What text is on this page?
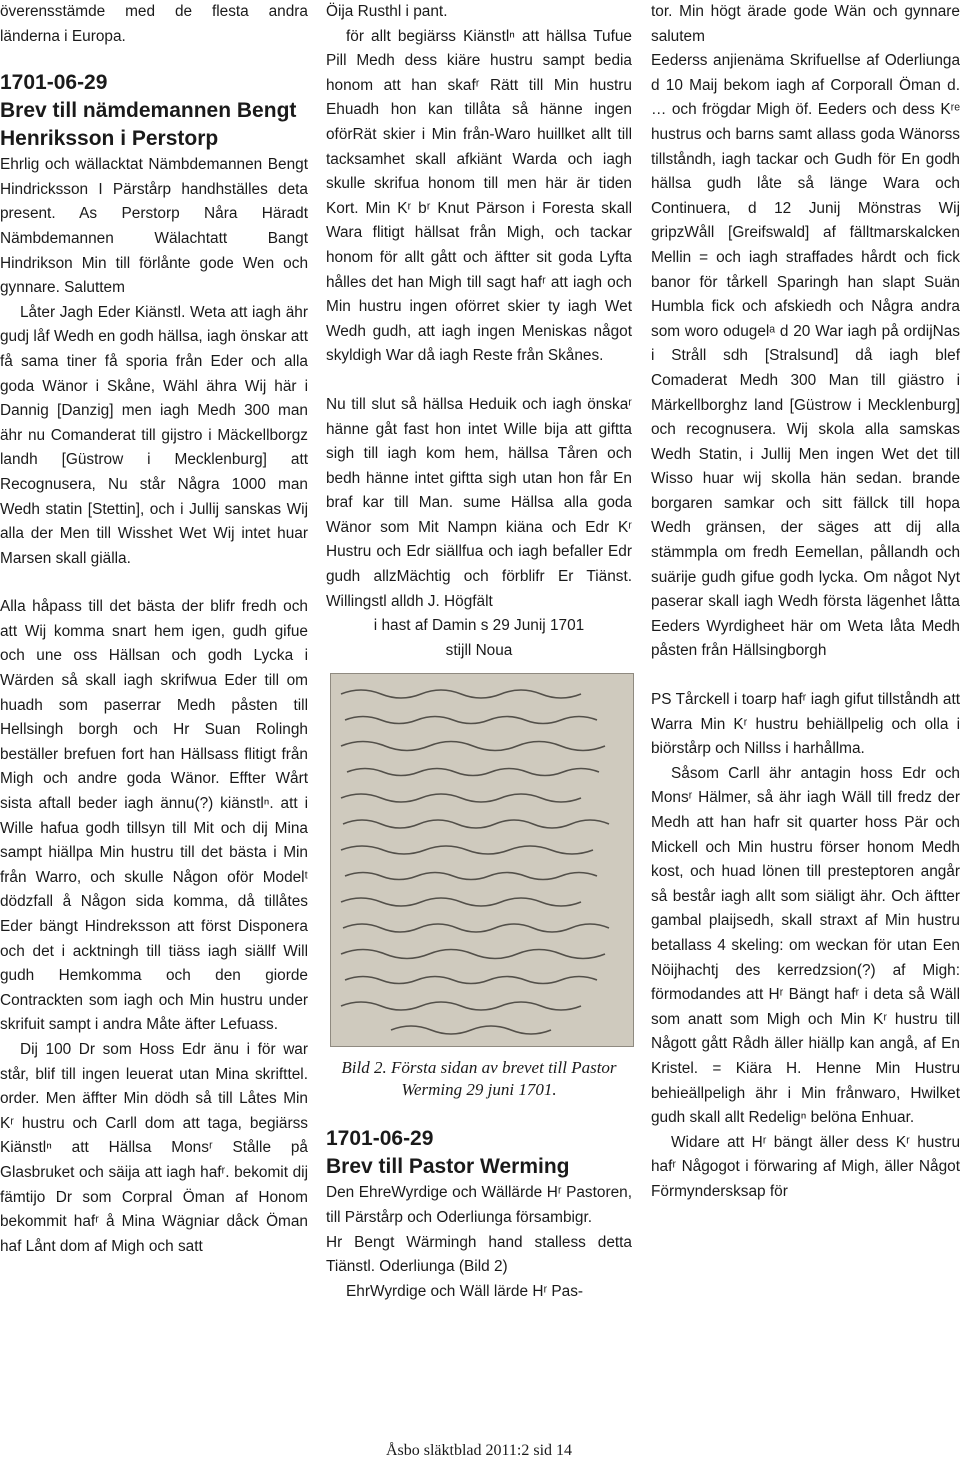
överensstämde med de flesta andra länderna i Europa.

1701-06-29
Brev till nämdemannen Bengt Henriksson i Perstorp

Ehrlig och wällacktat Nämbdemannen Bengt Hindricksson I Pärstårp handhställes deta present. As Perstorp Nåra Häradt Nämbdemannen Wälachtatt Bangt Hindrikson Min till förlånte gode Wen och gynnare. Saluttem

Låter Jagh Eder Kiänstl. Weta att iagh ähr gudj låf Wedh en godh hällsa, iagh önskar att få sama tiner få sporia från Eder och alla goda Wänor i Skåne, Wähl ähra Wij här i Dannig [Danzig] men iagh Medh 300 man ähr nu Comanderat till gijstro i Mäckellborgz landh [Güstrow i Mecklenburg] att Recognusera, Nu står Några 1000 man Wedh statin [Stettin], och i Jullij sanskas Wij alla der Men till Wisshet Wet Wij intet huar Marsen skall giälla.

Alla håpass till det bästa der blifr fredh och att Wij komma snart hem igen, gudh gifue och une oss Hällsan och godh Lycka i Wärden så skall iagh skrifwua Eder till om huadh som paserrar Medh påsten till Hellsingh borgh och Hr Suan Rolingh beställer brefuen fort han Hällsass flitigt från Migh och andre goda Wänor. Effter Wårt sista aftall beder iagh ännu(?) kiänstlⁿ. att i Wille hafua godh tillsyn till Mit och dij Mina sampt hiällpa Min hustru till det bästa i Min från Warro, och skulle Någon oför Modelᵗ dödzfall å Någon sida komma, då tillåtes Eder bängt Hindreksson att först Disponera och det i acktningh till tiäss iagh siällf Will gudh Hemkomma och den giorde Contrackten som iagh och Min hustru under skrifuit sampt i andra Måte äfter Lefuass.

Dij 100 Dr som Hoss Edr änu i för war står, blif till ingen leuerat utan Mina skrifttel. order. Men äffter Min dödh så till Låtes Min Kʳ hustru och Carll dom att taga, begiärss Kiänstlⁿ att Hällsa Monsʳ Stålle på Glasbruket och säija att iagh hafʳ. bekomit dij fämtijo Dr som Corpral Öman af Honom bekommit hafʳ å Mina Wägniar dåck Öman haf Lånt dom af Migh och satt

Öija Rusthl i pant.

för allt begiärss Kiänstlⁿ att hällsa Tufue Pill Medh dess kiäre hustru sampt bedia honom att han skafʳ Rätt till Min hustru Ehuadh hon kan tillåta så hänne ingen oförRät skier i Min från-Waro huillket allt till tacksamhet skall afkiänt Warda och iagh skulle skrifua honom till men här är tiden Kort. Min Kʳ bʳ Knut Pärson i Foresta skall Wara flitigt hällsat från Migh, och tackar honom för allt gått och äftter sit goda Lyfta hålles det han Migh till sagt hafʳ att iagh och Min hustru ingen oförret skier ty iagh Wet Wedh gudh, att iagh ingen Meniskas något skyldigh War då iagh Reste från Skånes.

Nu till slut så hällsa Heduik och iagh önskaʳ hänne gåt fast hon intet Wille bija att giftta sigh till iagh kom hem, hällsa Tåren och bedh hänne intet giftta sigh utan hon får En braf kar till Man. sume Hällsa alla goda Wänor som Mit Nampn kiäna och Edr Kʳ Hustru och Edr siällfua och iagh befaller Edr gudh allzMächtig och förblifr Er Tiänst. Willingstl alldh J. Högfält

i hast af Damin s 29 Junij 1701

stijll Noua

Bild 2. Första sidan av brevet till Pastor Werming 29 juni 1701.
1701-06-29
Brev till Pastor Werming

Den EhreWyrdige och Wällärde Hʳ Pastoren, till Pärstårp och Oderliunga försambigr.

Hr Bengt Wärmingh hand stalless detta Tiänstl. Oderliunga (Bild 2)

EhrWyrdige och Wäll lärde Hʳ Pas-

tor. Min högt ärade gode Wän och gynnare salutem

Eederss anjienäma Skrifuellse af Oderliunga d 10 Maij bekom iagh af Corporall Öman d. … och frögdar Migh öf. Eeders och dess Kʳᵉ hustrus och barns samt allass goda Wänorss tillståndh, iagh tackar och Gudh för En godh hällsa gudh låte så länge Wara och Continuera, d 12 Junij Mönstras Wij gripzWåll [Greifswald] af fälltmarskalcken Mellin = och iagh straffades hårdt och fick banor för tårkell Sparingh han slapt Suän Humbla fick och afskiedh och Några andra som woro odugelᵃ d 20 War iagh på ordijNas i Stråll sdh [Stralsund] då iagh blef Comaderat Medh 300 Man till giästro i Märkellborghz land [Güstrow i Mecklenburg] och recognusera. Wij skola alla samskas Wedh Statin, i Jullij Men ingen Wet det till Wisso huar wij skolla hän sedan. brande borgaren samkar och sitt fällck till hopa Wedh gränsen, der säges att dij alla stämmpla om fredh Eemellan, pållandh och suärije gudh gifue godh lycka. Om något Nyt paserar skall iagh Wedh första lägenhet låtta Eeders Wyrdigheet här om Weta låta Medh påsten från Hällsingborgh

PS Tårckell i toarp hafʳ iagh gifut tillståndh att Warra Min Kʳ hustru behiällpelig och olla i biörstårp och Nillss i harhållma.

Såsom Carll ähr antagin hoss Edr och Monsʳ Hälmer, så ähr iagh Wäll till fredz der Medh att han hafr sit quarter hoss Pär och Mickell och Min hustru förser honom Medh kost, och huad lönen till presteptoren angår så består iagh allt som siäligt ähr. Och äftter gambal plaijsedh, skall straxt af Min hustru betallass 4 skeling: om weckan för utan Een Nöijhachtj des kerredzsion(?) af Migh: förmodandes att Hʳ Bängt hafʳ i deta så Wäll som anatt som Migh och Min Kʳ hustru till Någott gått Rådh äller hiällp kan angå, af En Kristel. = Kiära H. Henne Min Hustru behieällpeligh ähr i Min frånwaro, Hwilket gudh skall allt Redeligⁿ belöna Enhuar.

Widare att Hʳ bängt äller dess Kʳ hustru hafʳ Någogot i förwaring af Migh, äller Något Förmyndersksap för

Åsbo släktblad 2011:2 sid 14
